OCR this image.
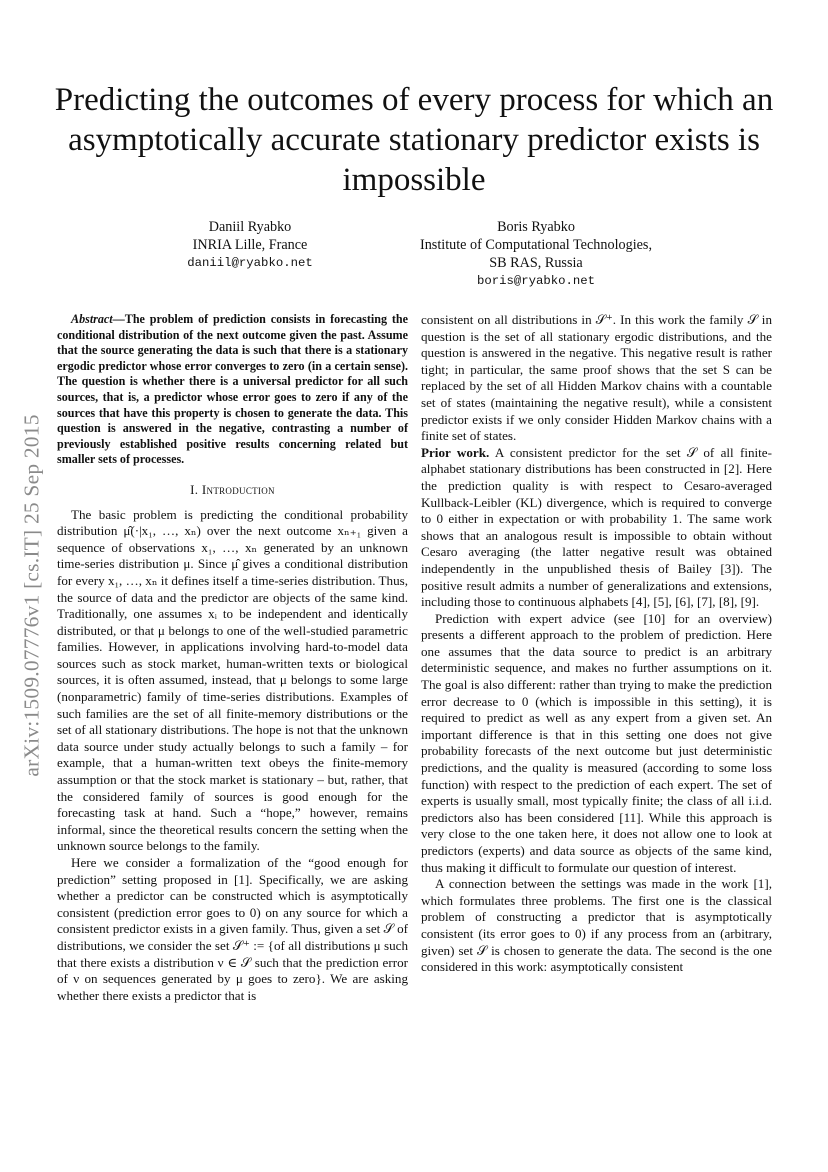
arXiv:1509.07776v1 [cs.IT] 25 Sep 2015
Predicting the outcomes of every process for which an asymptotically accurate stationary predictor exists is impossible
Daniil Ryabko
INRIA Lille, France
daniil@ryabko.net
Boris Ryabko
Institute of Computational Technologies,
SB RAS, Russia
boris@ryabko.net

Abstract—The problem of prediction consists in forecasting the conditional distribution of the next outcome given the past. Assume that the source generating the data is such that there is a stationary ergodic predictor whose error converges to zero (in a certain sense). The question is whether there is a universal predictor for all such sources, that is, a predictor whose error goes to zero if any of the sources that have this property is chosen to generate the data. This question is answered in the negative, contrasting a number of previously established positive results concerning related but smaller sets of processes.

I. Introduction

The basic problem is predicting the conditional probability distribution μ̂(·|x₁, …, xₙ) over the next outcome xₙ₊₁ given a sequence of observations x₁, …, xₙ generated by an unknown time-series distribution μ. Since μ̂ gives a conditional distribution for every x₁, …, xₙ it defines itself a time-series distribution. Thus, the source of data and the predictor are objects of the same kind. Traditionally, one assumes xᵢ to be independent and identically distributed, or that μ belongs to one of the well-studied parametric families. However, in applications involving hard-to-model data sources such as stock market, human-written texts or biological sources, it is often assumed, instead, that μ belongs to some large (nonparametric) family of time-series distributions. Examples of such families are the set of all finite-memory distributions or the set of all stationary distributions. The hope is not that the unknown data source under study actually belongs to such a family – for example, that a human-written text obeys the finite-memory assumption or that the stock market is stationary – but, rather, that the considered family of sources is good enough for the forecasting task at hand. Such a “hope,” however, remains informal, since the theoretical results concern the setting when the unknown source belongs to the family.

Here we consider a formalization of the “good enough for prediction” setting proposed in [1]. Specifically, we are asking whether a predictor can be constructed which is asymptotically consistent (prediction error goes to 0) on any source for which a consistent predictor exists in a given family. Thus, given a set 𝒮 of distributions, we consider the set 𝒮⁺ := {of all distributions μ such that there exists a distribution ν ∈ 𝒮 such that the prediction error of ν on sequences generated by μ goes to zero}. We are asking whether there exists a predictor that is

consistent on all distributions in 𝒮⁺. In this work the family 𝒮 in question is the set of all stationary ergodic distributions, and the question is answered in the negative. This negative result is rather tight; in particular, the same proof shows that the set S can be replaced by the set of all Hidden Markov chains with a countable set of states (maintaining the negative result), while a consistent predictor exists if we only consider Hidden Markov chains with a finite set of states.

Prior work. A consistent predictor for the set 𝒮 of all finite-alphabet stationary distributions has been constructed in [2]. Here the prediction quality is with respect to Cesaro-averaged Kullback-Leibler (KL) divergence, which is required to converge to 0 either in expectation or with probability 1. The same work shows that an analogous result is impossible to obtain without Cesaro averaging (the latter negative result was obtained independently in the unpublished thesis of Bailey [3]). The positive result admits a number of generalizations and extensions, including those to continuous alphabets [4], [5], [6], [7], [8], [9].

Prediction with expert advice (see [10] for an overview) presents a different approach to the problem of prediction. Here one assumes that the data source to predict is an arbitrary deterministic sequence, and makes no further assumptions on it. The goal is also different: rather than trying to make the prediction error decrease to 0 (which is impossible in this setting), it is required to predict as well as any expert from a given set. An important difference is that in this setting one does not give probability forecasts of the next outcome but just deterministic predictions, and the quality is measured (according to some loss function) with respect to the prediction of each expert. The set of experts is usually small, most typically finite; the class of all i.i.d. predictors also has been considered [11]. While this approach is very close to the one taken here, it does not allow one to look at predictors (experts) and data source as objects of the same kind, thus making it difficult to formulate our question of interest.

A connection between the settings was made in the work [1], which formulates three problems. The first one is the classical problem of constructing a predictor that is asymptotically consistent (its error goes to 0) if any process from an (arbitrary, given) set 𝒮 is chosen to generate the data. The second is the one considered in this work: asymptotically consistent
